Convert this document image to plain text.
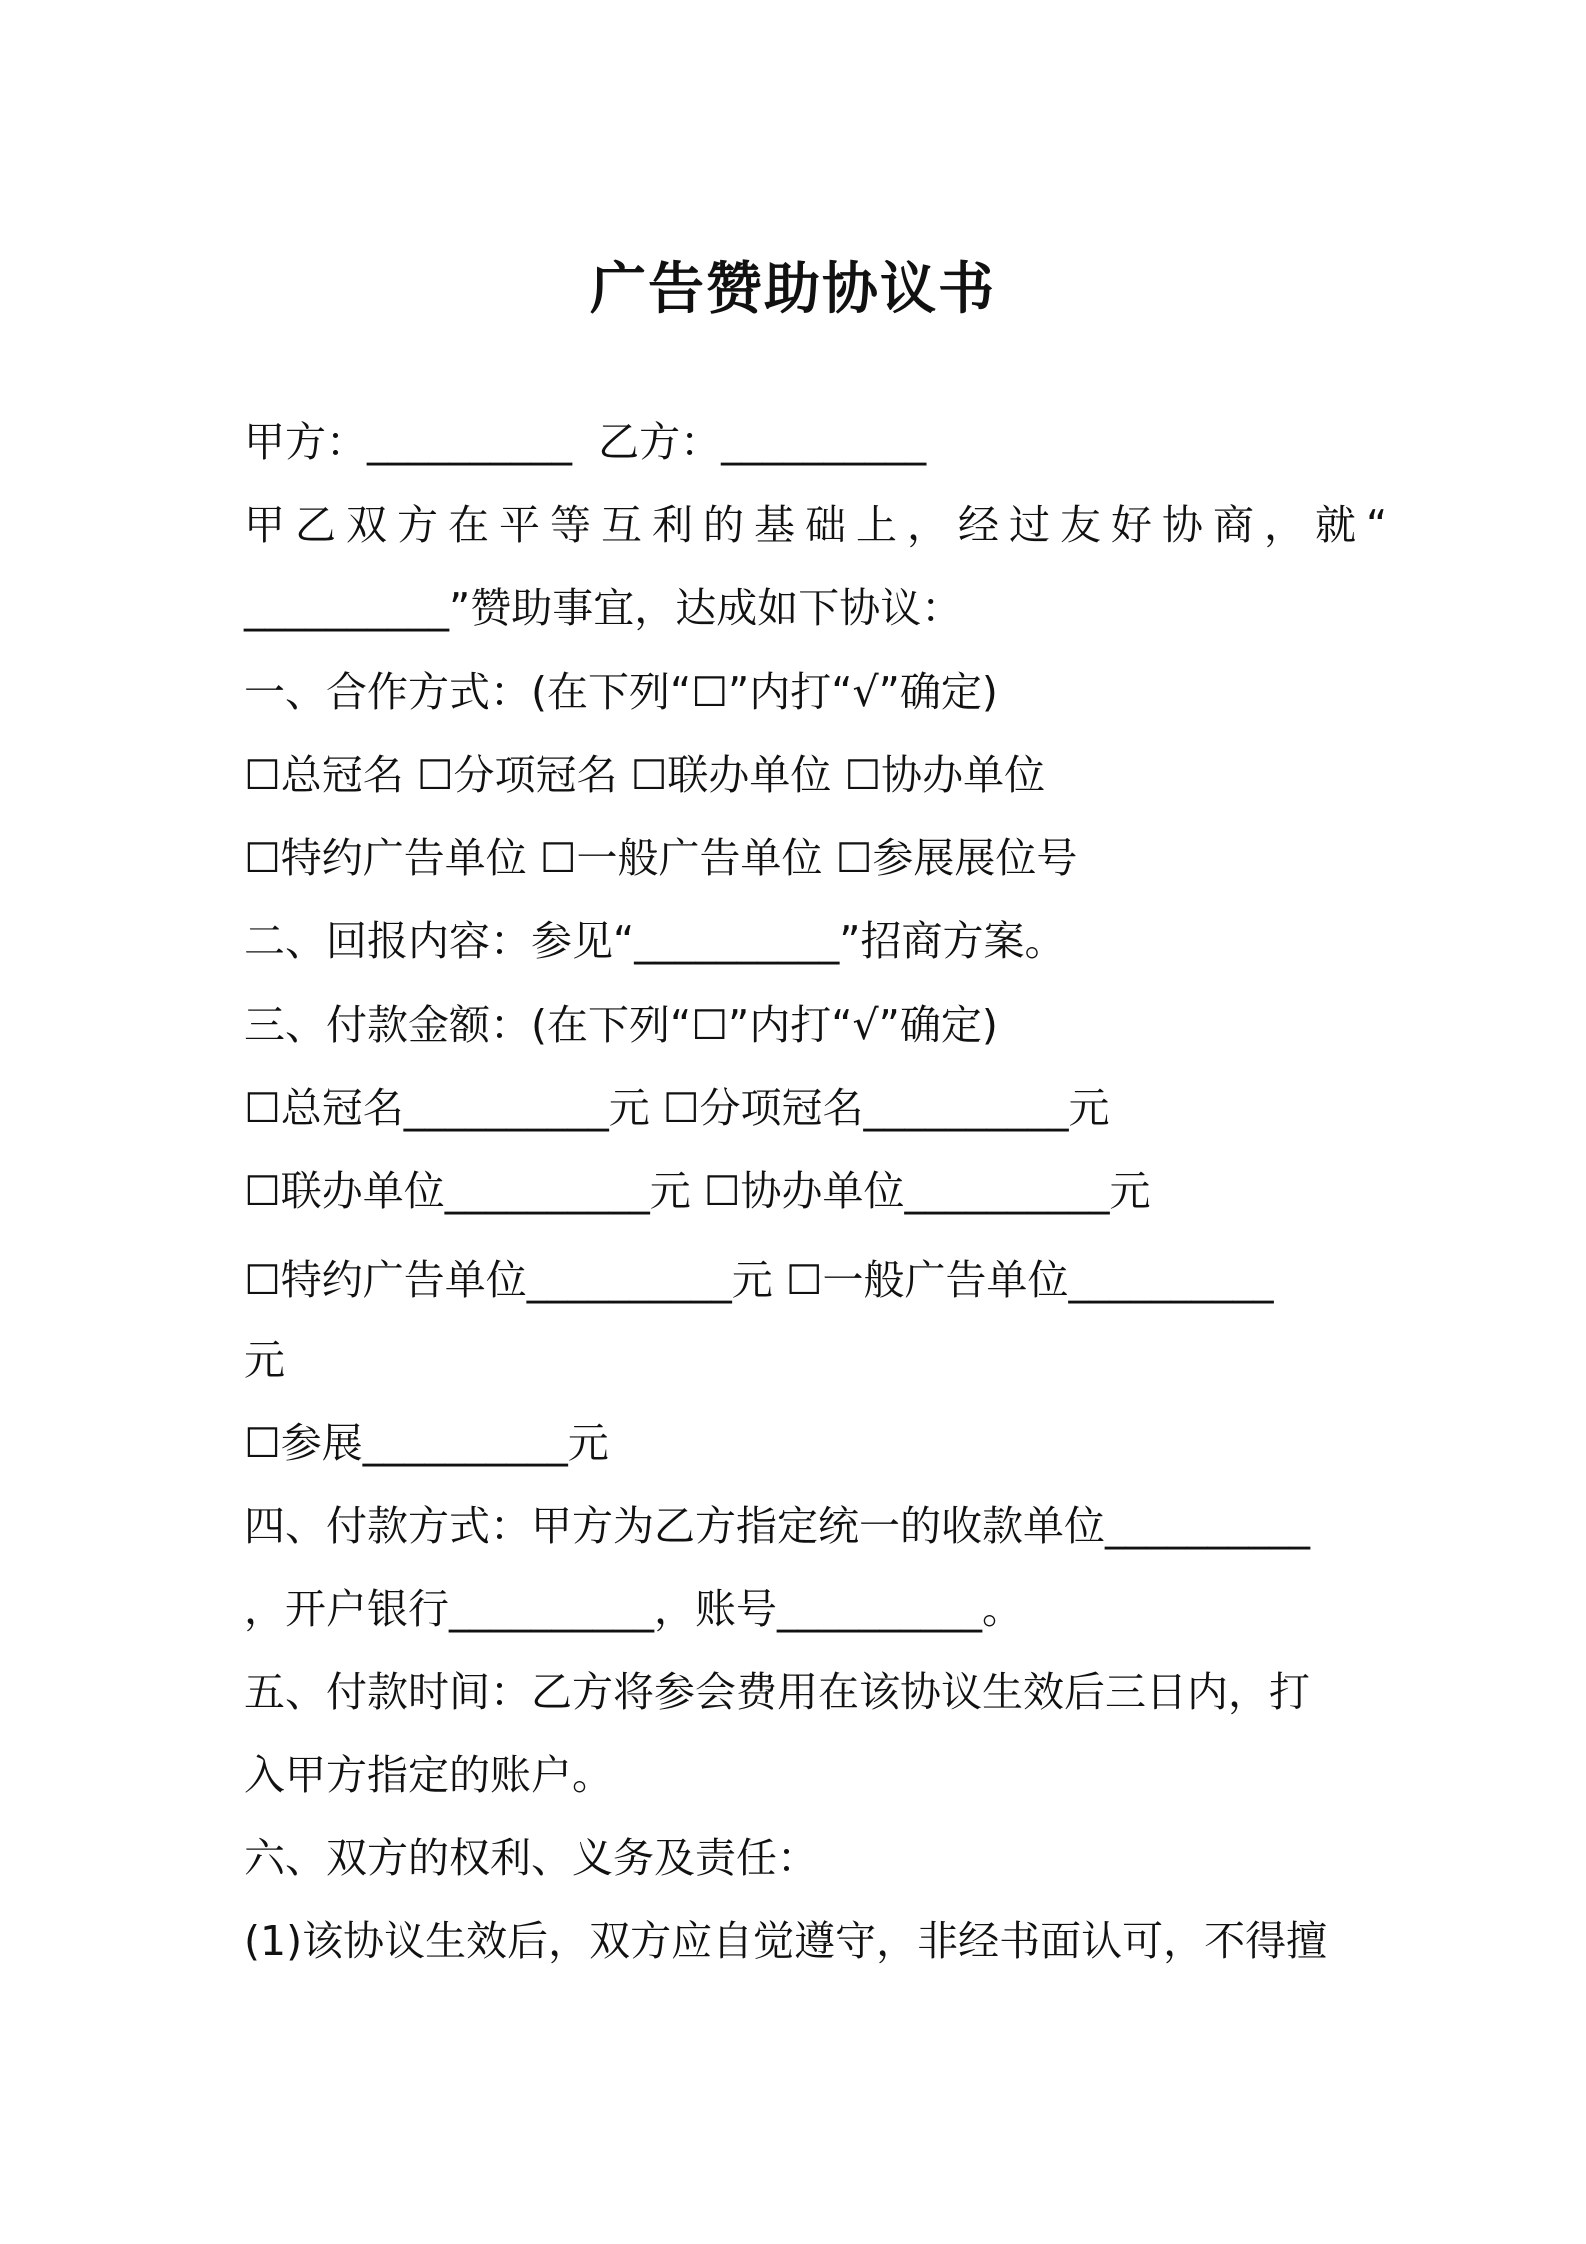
广告赞助协议书
甲方：__________  乙方：__________
甲乙双方在平等互利的基础上，经过友好协商，就“
__________”赞助事宜，达成如下协议：
一、合作方式：(在下列“☐”内打“√”确定)
☐总冠名 ☐分项冠名 ☐联办单位 ☐协办单位
☐特约广告单位 ☐一般广告单位 ☐参展展位号
二、回报内容：参见“__________”招商方案。
三、付款金额：(在下列“☐”内打“√”确定)
☐总冠名__________元 ☐分项冠名__________元
☐联办单位__________元 ☐协办单位__________元
☐特约广告单位__________元 ☐一般广告单位__________
元
☐参展__________元
四、付款方式：甲方为乙方指定统一的收款单位__________
，开户银行__________，账号__________。
五、付款时间：乙方将参会费用在该协议生效后三日内，打
入甲方指定的账户。
六、双方的权利、义务及责任：
(1)该协议生效后，双方应自觉遵守，非经书面认可，不得擅
